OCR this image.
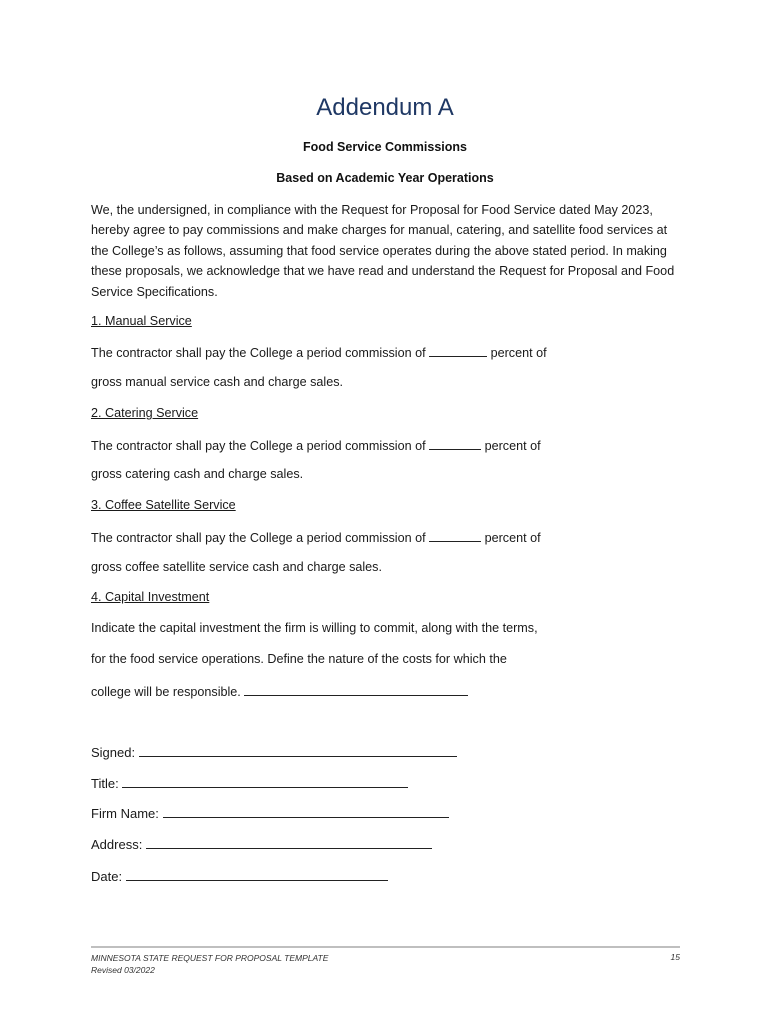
Addendum A
Food Service Commissions
Based on Academic Year Operations
We, the undersigned, in compliance with the Request for Proposal for Food Service dated May 2023, hereby agree to pay commissions and make charges for manual, catering, and satellite food services at the College’s as follows, assuming that food service operates during the above stated period. In making these proposals, we acknowledge that we have read and understand the Request for Proposal and Food Service Specifications.
1. Manual Service
The contractor shall pay the College a period commission of	percent of
gross manual service cash and charge sales.
2. Catering Service
The contractor shall pay the College a period commission of	percent of
gross catering cash and charge sales.
3. Coffee Satellite Service
The contractor shall pay the College a period commission of	percent of
gross coffee satellite service cash and charge sales.
4. Capital Investment
Indicate the capital investment the firm is willing to commit, along with the terms,
for the food service operations. Define the nature of the costs for which the
college will be responsible.
Signed:
Title:
Firm Name:
Address:
Date:
MINNESOTA STATE REQUEST FOR PROPOSAL TEMPLATE
Revised 03/2022
15
